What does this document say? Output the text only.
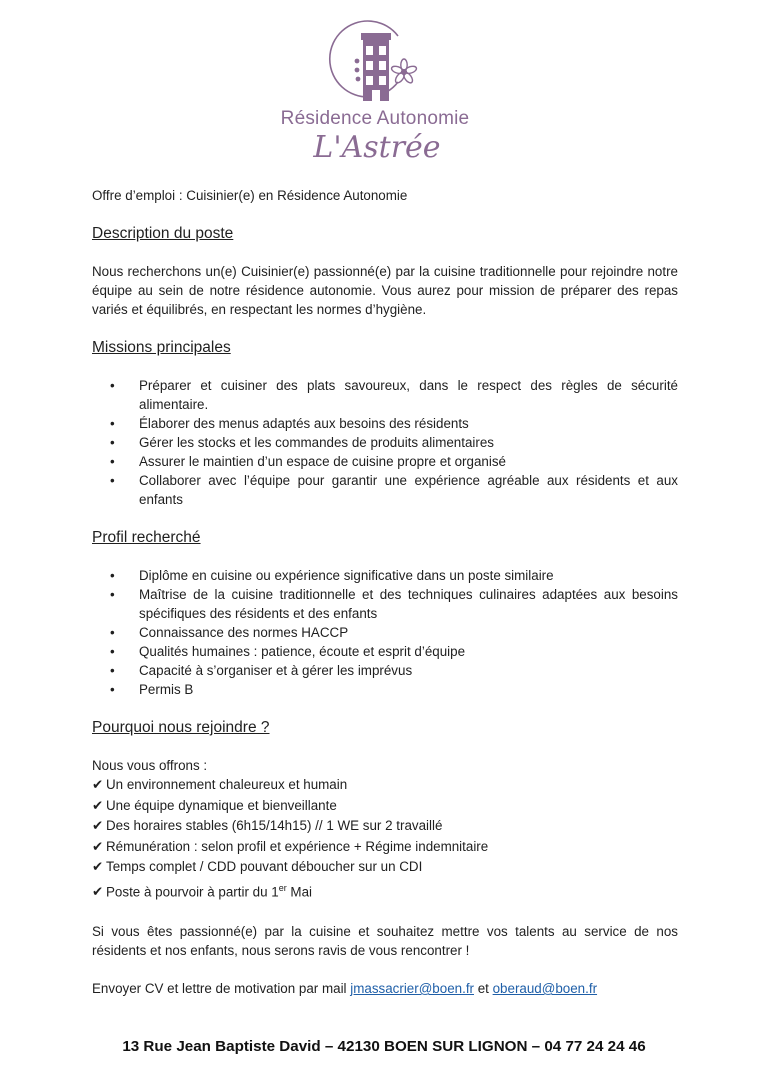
Résidence Autonomie
L'Astrée
Offre d’emploi : Cuisinier(e) en Résidence Autonomie
Description du poste

Nous recherchons un(e) Cuisinier(e) passionné(e) par la cuisine traditionnelle pour rejoindre notre équipe au sein de notre résidence autonomie. Vous aurez pour mission de préparer des repas variés et équilibrés, en respectant les normes d’hygiène.

Missions principales
• Préparer et cuisiner des plats savoureux, dans le respect des règles de sécurité alimentaire.
• Élaborer des menus adaptés aux besoins des résidents
• Gérer les stocks et les commandes de produits alimentaires
• Assurer le maintien d’un espace de cuisine propre et organisé
• Collaborer avec l’équipe pour garantir une expérience agréable aux résidents et aux enfants
Profil recherché
• Diplôme en cuisine ou expérience significative dans un poste similaire
• Maîtrise de la cuisine traditionnelle et des techniques culinaires adaptées aux besoins spécifiques des résidents et des enfants
• Connaissance des normes HACCP
• Qualités humaines : patience, écoute et esprit d’équipe
• Capacité à s’organiser et à gérer les imprévus
• Permis B
Pourquoi nous rejoindre ?

Nous vous offrons :

✔ Un environnement chaleureux et humain
✔ Une équipe dynamique et bienveillante
✔ Des horaires stables (6h15/14h15) // 1 WE sur 2 travaillé
✔ Rémunération : selon profil et expérience + Régime indemnitaire
✔ Temps complet / CDD pouvant déboucher sur un CDI
✔ Poste à pourvoir à partir du 1er Mai

Si vous êtes passionné(e) par la cuisine et souhaitez mettre vos talents au service de nos résidents et nos enfants, nous serons ravis de vous rencontrer !

Envoyer CV et lettre de motivation par mail jmassacrier@boen.fr et oberaud@boen.fr

13 Rue Jean Baptiste David – 42130 BOEN SUR LIGNON – 04 77 24 24 46
